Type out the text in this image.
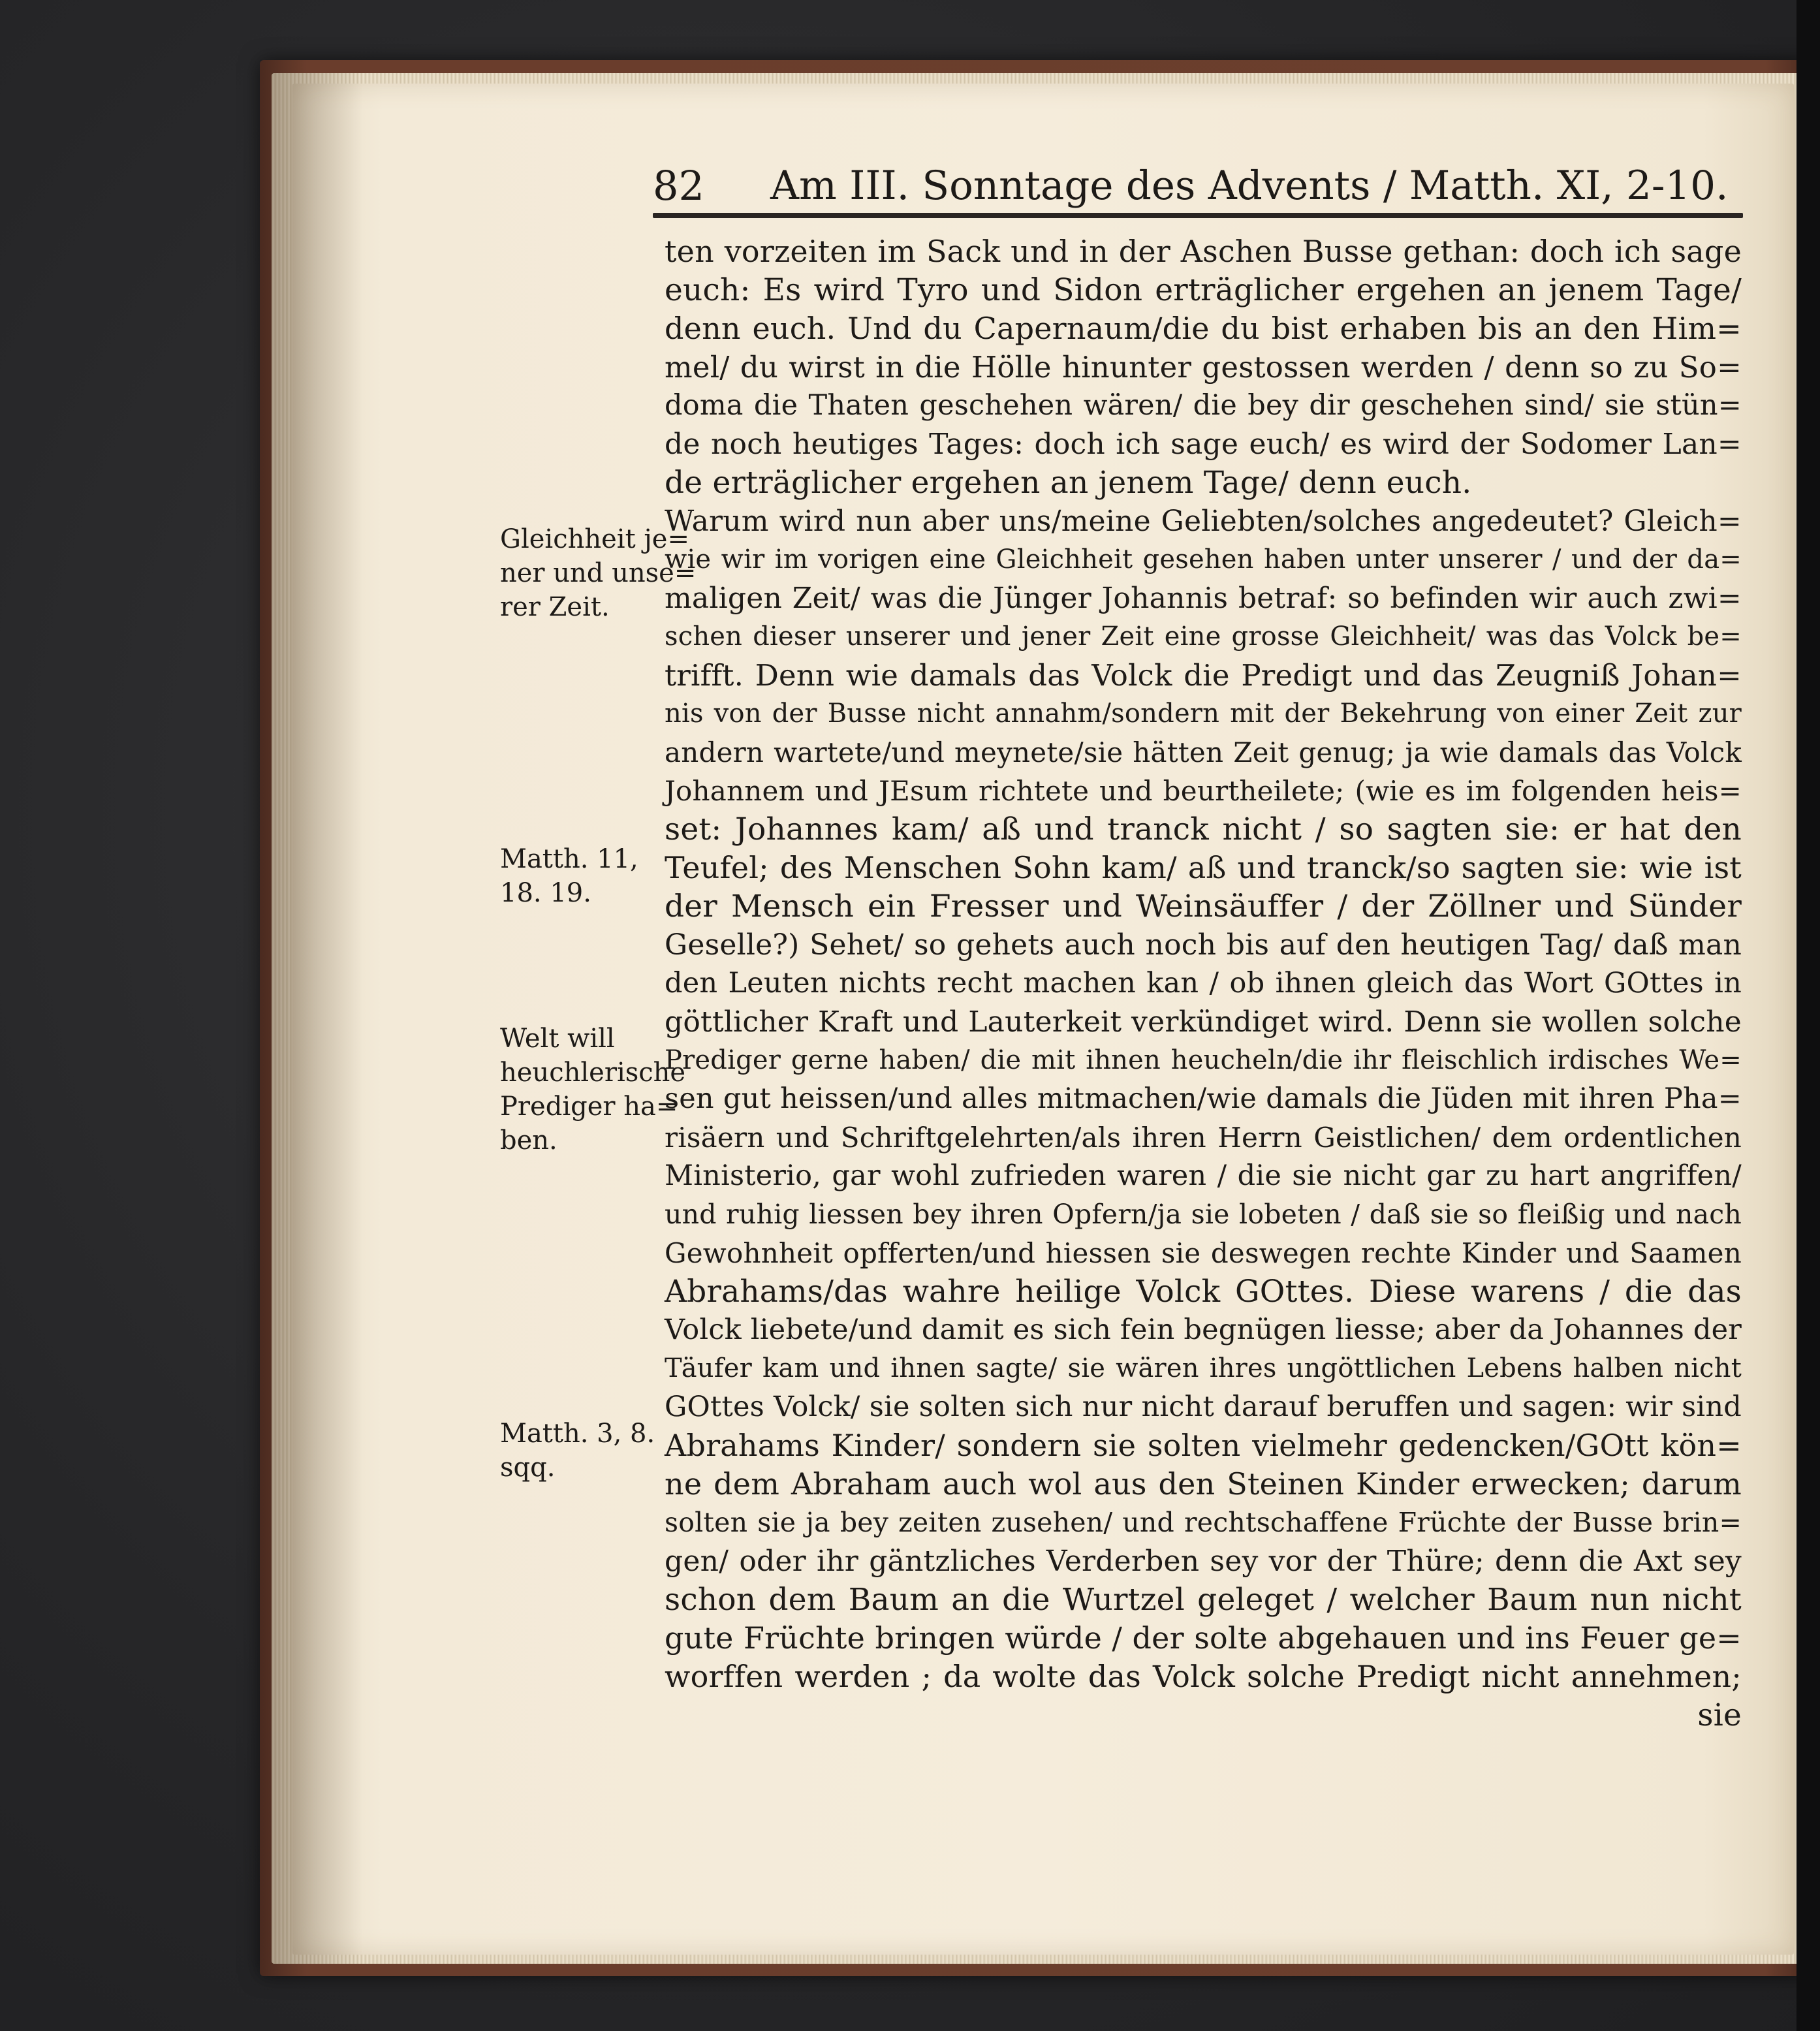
82 Am III. Sonntage des Advents / Matth. XI, 2-10.
ten vorzeiten im Sack und in der Aschen Busse gethan: doch ich sage
euch: Es wird Tyro und Sidon erträglicher ergehen an jenem Tage/
denn euch. Und du Capernaum/die du bist erhaben bis an den Him=
mel/ du wirst in die Hölle hinunter gestossen werden / denn so zu So=
doma die Thaten geschehen wären/ die bey dir geschehen sind/ sie stün=
de noch heutiges Tages: doch ich sage euch/ es wird der Sodomer Lan=
de erträglicher ergehen an jenem Tage/ denn euch.
Warum wird nun aber uns/meine Geliebten/solches angedeutet? Gleich=
wie wir im vorigen eine Gleichheit gesehen haben unter unserer / und der da=
maligen Zeit/ was die Jünger Johannis betraf: so befinden wir auch zwi=
schen dieser unserer und jener Zeit eine grosse Gleichheit/ was das Volck be=
trifft. Denn wie damals das Volck die Predigt und das Zeugniß Johan=
nis von der Busse nicht annahm/sondern mit der Bekehrung von einer Zeit zur
andern wartete/und meynete/sie hätten Zeit genug; ja wie damals das Volck
Johannem und JEsum richtete und beurtheilete; (wie es im folgenden heis=
set: Johannes kam/ aß und tranck nicht / so sagten sie: er hat den
Teufel; des Menschen Sohn kam/ aß und tranck/so sagten sie: wie ist
der Mensch ein Fresser und Weinsäuffer / der Zöllner und Sünder
Geselle?) Sehet/ so gehets auch noch bis auf den heutigen Tag/ daß man
den Leuten nichts recht machen kan / ob ihnen gleich das Wort GOttes in
göttlicher Kraft und Lauterkeit verkündiget wird. Denn sie wollen solche
Prediger gerne haben/ die mit ihnen heucheln/die ihr fleischlich irdisches We=
sen gut heissen/und alles mitmachen/wie damals die Jüden mit ihren Pha=
risäern und Schriftgelehrten/als ihren Herrn Geistlichen/ dem ordentlichen
Ministerio, gar wohl zufrieden waren / die sie nicht gar zu hart angriffen/
und ruhig liessen bey ihren Opfern/ja sie lobeten / daß sie so fleißig und nach
Gewohnheit opfferten/und hiessen sie deswegen rechte Kinder und Saamen
Abrahams/das wahre heilige Volck GOttes. Diese warens / die das
Volck liebete/und damit es sich fein begnügen liesse; aber da Johannes der
Täufer kam und ihnen sagte/ sie wären ihres ungöttlichen Lebens halben nicht
GOttes Volck/ sie solten sich nur nicht darauf beruffen und sagen: wir sind
Abrahams Kinder/ sondern sie solten vielmehr gedencken/GOtt kön=
ne dem Abraham auch wol aus den Steinen Kinder erwecken; darum
solten sie ja bey zeiten zusehen/ und rechtschaffene Früchte der Busse brin=
gen/ oder ihr gäntzliches Verderben sey vor der Thüre; denn die Axt sey
schon dem Baum an die Wurtzel geleget / welcher Baum nun nicht
gute Früchte bringen würde / der solte abgehauen und ins Feuer ge=
worffen werden ; da wolte das Volck solche Predigt nicht annehmen;
sie
Gleichheit je=
ner und unse=
rer Zeit.
Matth. 11,
18. 19.
Welt will
heuchlerische
Prediger ha=
ben.
Matth. 3, 8.
sqq.
